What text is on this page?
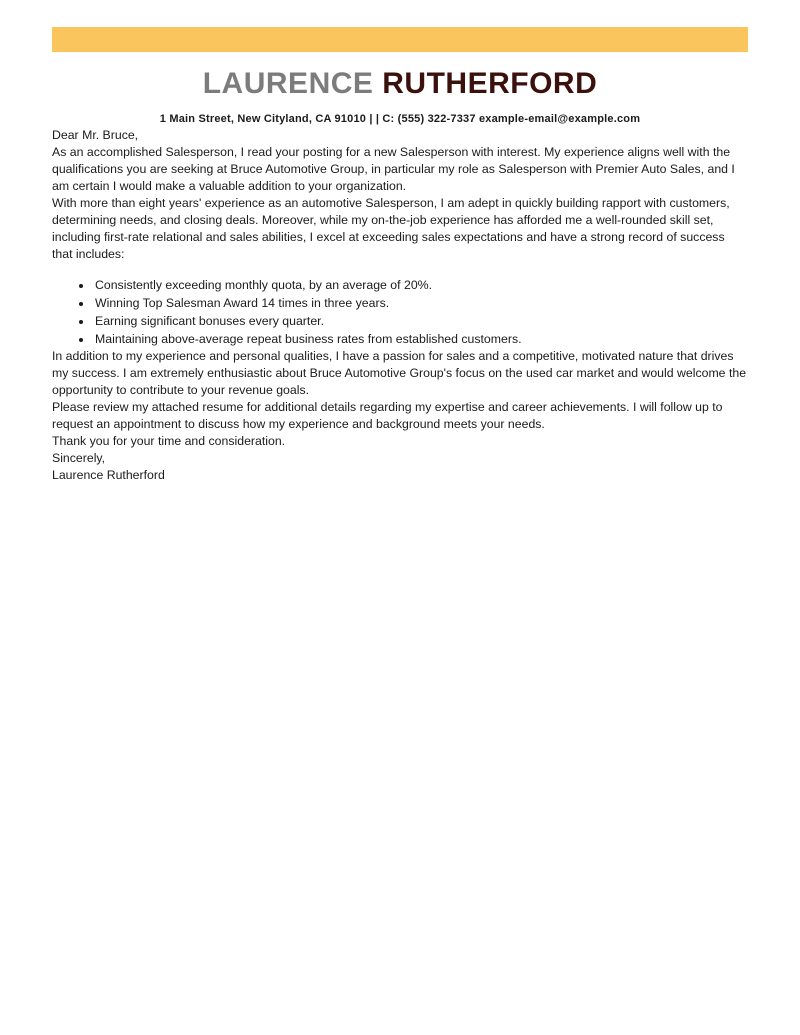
LAURENCE RUTHERFORD

1 Main Street, New Cityland, CA 91010 | | C: (555) 322-7337 example-email@example.com

Dear Mr. Bruce,

As an accomplished Salesperson, I read your posting for a new Salesperson with interest. My experience aligns well with the qualifications you are seeking at Bruce Automotive Group, in particular my role as Salesperson with Premier Auto Sales, and I am certain I would make a valuable addition to your organization.

With more than eight years' experience as an automotive Salesperson, I am adept in quickly building rapport with customers, determining needs, and closing deals. Moreover, while my on-the-job experience has afforded me a well-rounded skill set, including first-rate relational and sales abilities, I excel at exceeding sales expectations and have a strong record of success that includes:

• Consistently exceeding monthly quota, by an average of 20%.
• Winning Top Salesman Award 14 times in three years.
• Earning significant bonuses every quarter.
• Maintaining above-average repeat business rates from established customers.

In addition to my experience and personal qualities, I have a passion for sales and a competitive, motivated nature that drives my success. I am extremely enthusiastic about Bruce Automotive Group's focus on the used car market and would welcome the opportunity to contribute to your revenue goals.

Please review my attached resume for additional details regarding my expertise and career achievements. I will follow up to request an appointment to discuss how my experience and background meets your needs.

Thank you for your time and consideration.

Sincerely,

Laurence Rutherford
